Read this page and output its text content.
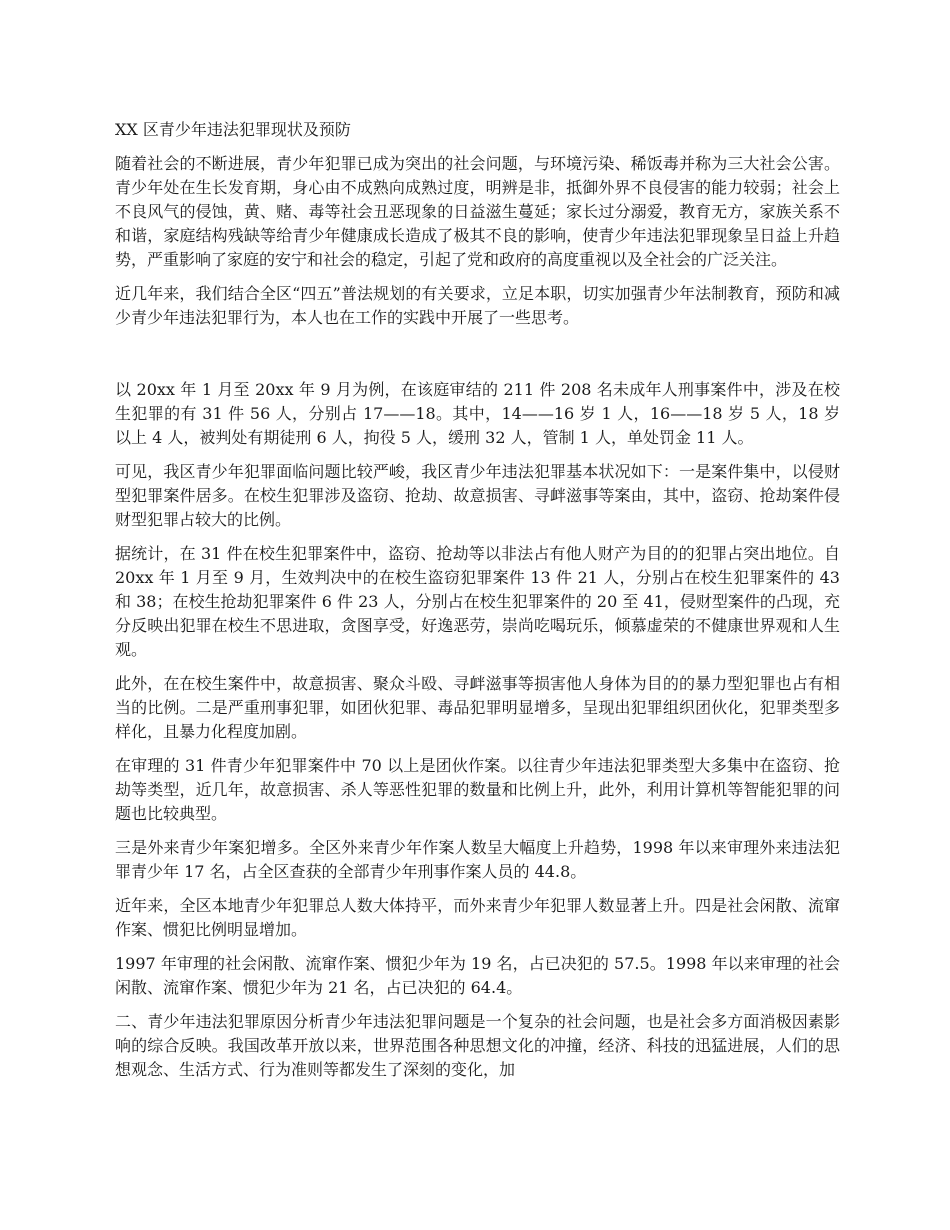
XX 区青少年违法犯罪现状及预防

随着社会的不断进展，青少年犯罪已成为突出的社会问题，与环境污染、稀饭毒并称为三大社会公害。青少年处在生长发育期，身心由不成熟向成熟过度，明辨是非，抵御外界不良侵害的能力较弱；社会上不良风气的侵蚀，黄、赌、毒等社会丑恶现象的日益滋生蔓延；家长过分溺爱，教育无方，家族关系不和谐，家庭结构残缺等给青少年健康成长造成了极其不良的影响，使青少年违法犯罪现象呈日益上升趋势，严重影响了家庭的安宁和社会的稳定，引起了党和政府的高度重视以及全社会的广泛关注。

近几年来，我们结合全区“四五”普法规划的有关要求，立足本职，切实加强青少年法制教育，预防和减少青少年违法犯罪行为，本人也在工作的实践中开展了一些思考。

以 20xx 年 1 月至 20xx 年 9 月为例，在该庭审结的 211 件 208 名未成年人刑事案件中，涉及在校生犯罪的有 31 件 56 人，分别占 17——18。其中，14——16 岁 1 人，16——18 岁 5 人，18 岁以上 4 人，被判处有期徒刑 6 人，拘役 5 人，缓刑 32 人，管制 1 人，单处罚金 11 人。

可见，我区青少年犯罪面临问题比较严峻，我区青少年违法犯罪基本状况如下：一是案件集中，以侵财型犯罪案件居多。在校生犯罪涉及盗窃、抢劫、故意损害、寻衅滋事等案由，其中，盗窃、抢劫案件侵财型犯罪占较大的比例。

据统计，在 31 件在校生犯罪案件中，盗窃、抢劫等以非法占有他人财产为目的的犯罪占突出地位。自 20xx 年 1 月至 9 月，生效判决中的在校生盗窃犯罪案件 13 件 21 人，分别占在校生犯罪案件的 43 和 38；在校生抢劫犯罪案件 6 件 23 人，分别占在校生犯罪案件的 20 至 41，侵财型案件的凸现，充分反映出犯罪在校生不思进取，贪图享受，好逸恶劳，崇尚吃喝玩乐，倾慕虚荣的不健康世界观和人生观。

此外，在在校生案件中，故意损害、聚众斗殴、寻衅滋事等损害他人身体为目的的暴力型犯罪也占有相当的比例。二是严重刑事犯罪，如团伙犯罪、毒品犯罪明显增多，呈现出犯罪组织团伙化，犯罪类型多样化，且暴力化程度加剧。

在审理的 31 件青少年犯罪案件中 70 以上是团伙作案。以往青少年违法犯罪类型大多集中在盗窃、抢劫等类型，近几年，故意损害、杀人等恶性犯罪的数量和比例上升，此外，利用计算机等智能犯罪的问题也比较典型。

三是外来青少年案犯增多。全区外来青少年作案人数呈大幅度上升趋势，1998 年以来审理外来违法犯罪青少年 17 名，占全区查获的全部青少年刑事作案人员的 44.8。

近年来，全区本地青少年犯罪总人数大体持平，而外来青少年犯罪人数显著上升。四是社会闲散、流窜作案、惯犯比例明显增加。

1997 年审理的社会闲散、流窜作案、惯犯少年为 19 名，占已决犯的 57.5。1998 年以来审理的社会闲散、流窜作案、惯犯少年为 21 名，占已决犯的 64.4。

二、青少年违法犯罪原因分析青少年违法犯罪问题是一个复杂的社会问题，也是社会多方面消极因素影响的综合反映。我国改革开放以来，世界范围各种思想文化的冲撞，经济、科技的迅猛进展，人们的思想观念、生活方式、行为准则等都发生了深刻的变化，加
